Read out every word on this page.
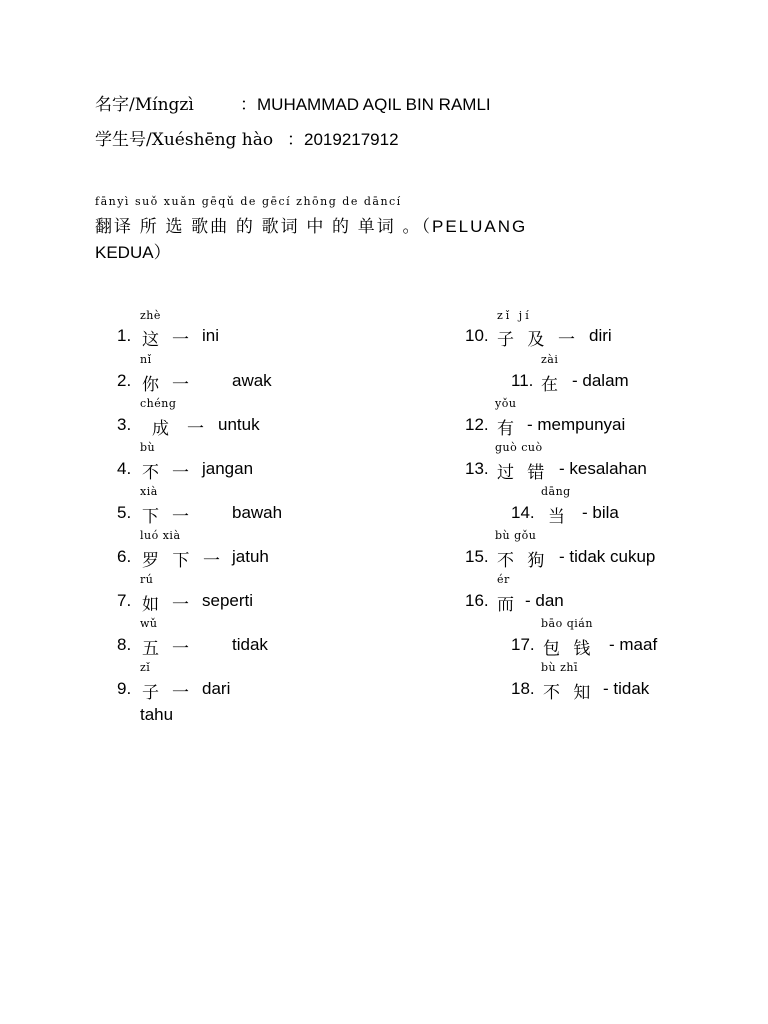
名字/Míngzì	：MUHAMMAD AQIL BIN RAMLI
学生号/Xuéshēng hào ：2019217912
fānyì suǒ xuǎn gēqǔ de gēcí zhōng de dāncí
翻译 所 选 歌曲 的 歌词 中 的 单词 。（PELUANG
KEDUA）
zhè
1. 这 一 ini
nǐ
2. 你 一	awak
chéng
3. 成 一 untuk
bù
4. 不 一 jangan
xià
5. 下 一	bawah
luó xià
6. 罗 下 一 jatuh
rú
7. 如 一 seperti
wǔ
8. 五 一	tidak
zǐ
9. 子 一 dari
tahu
zǐ jí
10. 子 及 一 diri
zài
11. 在 - dalam
yǒu
12. 有 - mempunyai
guò cuò
13. 过 错 - kesalahan
dāng
14. 当 - bila
bù gǒu
15. 不 狗 - tidak cukup
ér
16. 而 - dan
bāo qián
17. 包 钱 - maaf
bù zhī
18. 不 知 - tidak
